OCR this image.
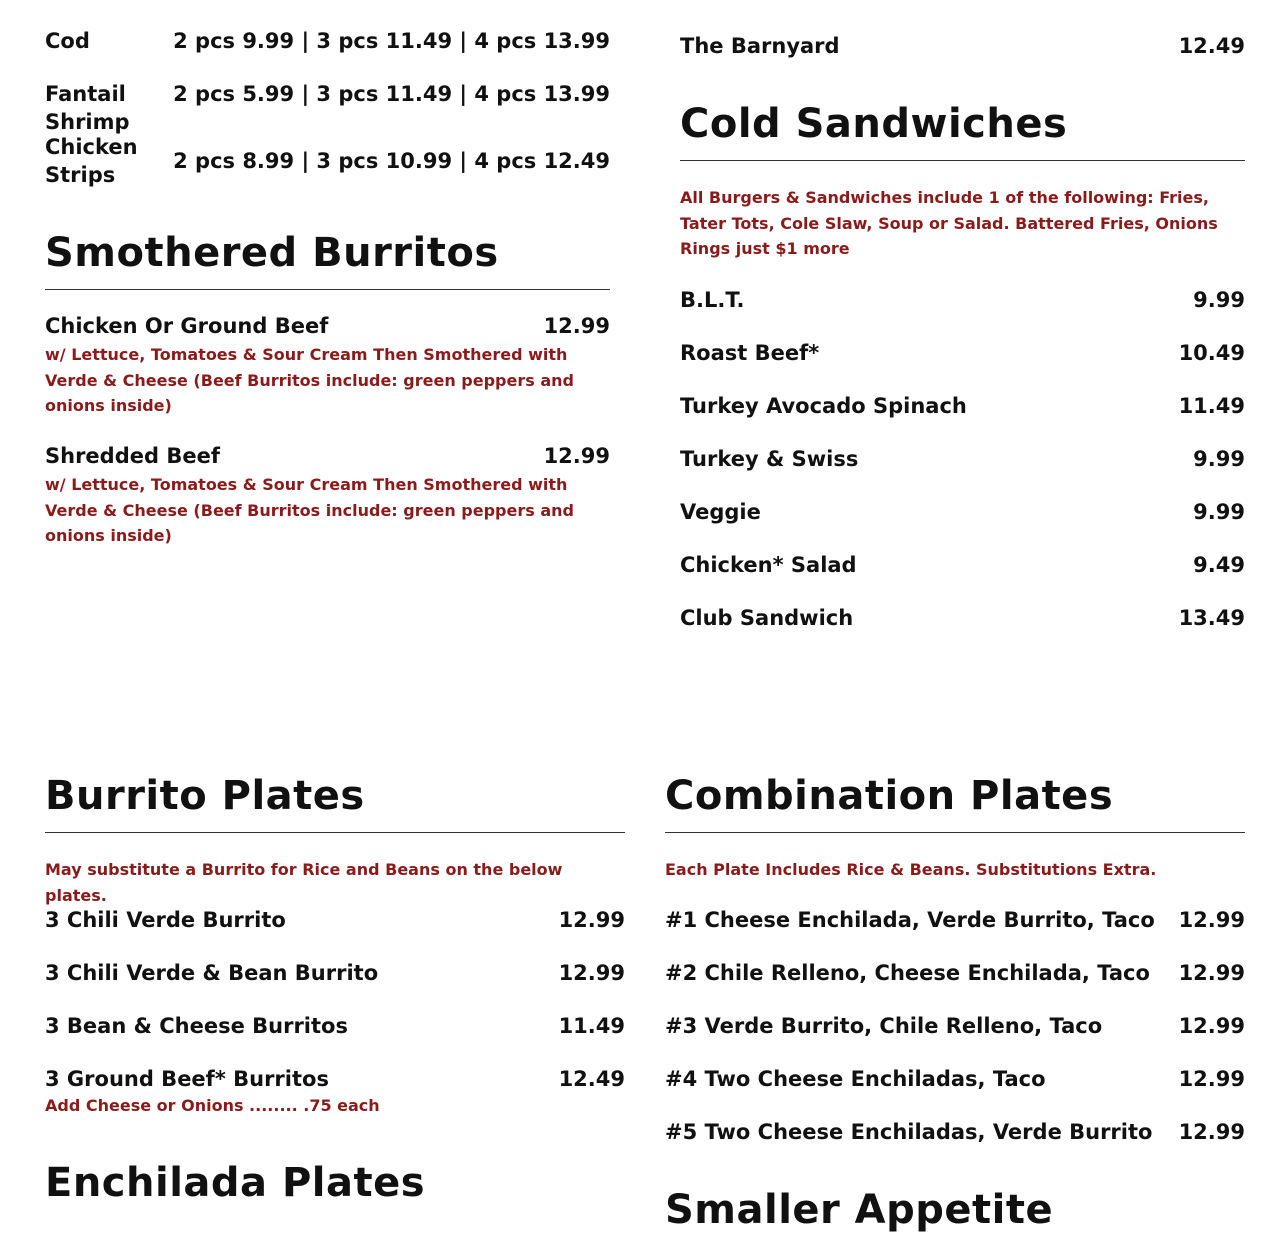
Cod	2 pcs 9.99 | 3 pcs 11.49 | 4 pcs 13.99
Fantail Shrimp
2 pcs 5.99 | 3 pcs 11.49 | 4 pcs 13.99
Chicken Strips
2 pcs 8.99 | 3 pcs 10.99 | 4 pcs 12.49
Smothered Burritos
Chicken Or Ground Beef	12.99
w/ Lettuce, Tomatoes & Sour Cream Then Smothered with Verde & Cheese (Beef Burritos include: green peppers and onions inside)
Shredded Beef	12.99
w/ Lettuce, Tomatoes & Sour Cream Then Smothered with Verde & Cheese (Beef Burritos include: green peppers and onions inside)
The Barnyard	12.49
Cold Sandwiches
All Burgers & Sandwiches include 1 of the following: Fries, Tater Tots, Cole Slaw, Soup or Salad. Battered Fries, Onions Rings just $1 more
B.L.T.	9.99
Roast Beef*	10.49
Turkey Avocado Spinach	11.49
Turkey & Swiss	9.99
Veggie	9.99
Chicken* Salad	9.49
Club Sandwich	13.49
Burrito Plates
May substitute a Burrito for Rice and Beans on the below plates.
3 Chili Verde Burrito	12.99
3 Chili Verde & Bean Burrito	12.99
3 Bean & Cheese Burritos	11.49
3 Ground Beef* Burritos	12.49
Add Cheese or Onions ........ .75 each
Enchilada Plates
Combination Plates
Each Plate Includes Rice & Beans. Substitutions Extra.
#1 Cheese Enchilada, Verde Burrito, Taco 12.99
#2 Chile Relleno, Cheese Enchilada, Taco 12.99
#3 Verde Burrito, Chile Relleno, Taco	12.99
#4 Two Cheese Enchiladas, Taco	12.99
#5 Two Cheese Enchiladas, Verde Burrito 12.99
Smaller Appetite
